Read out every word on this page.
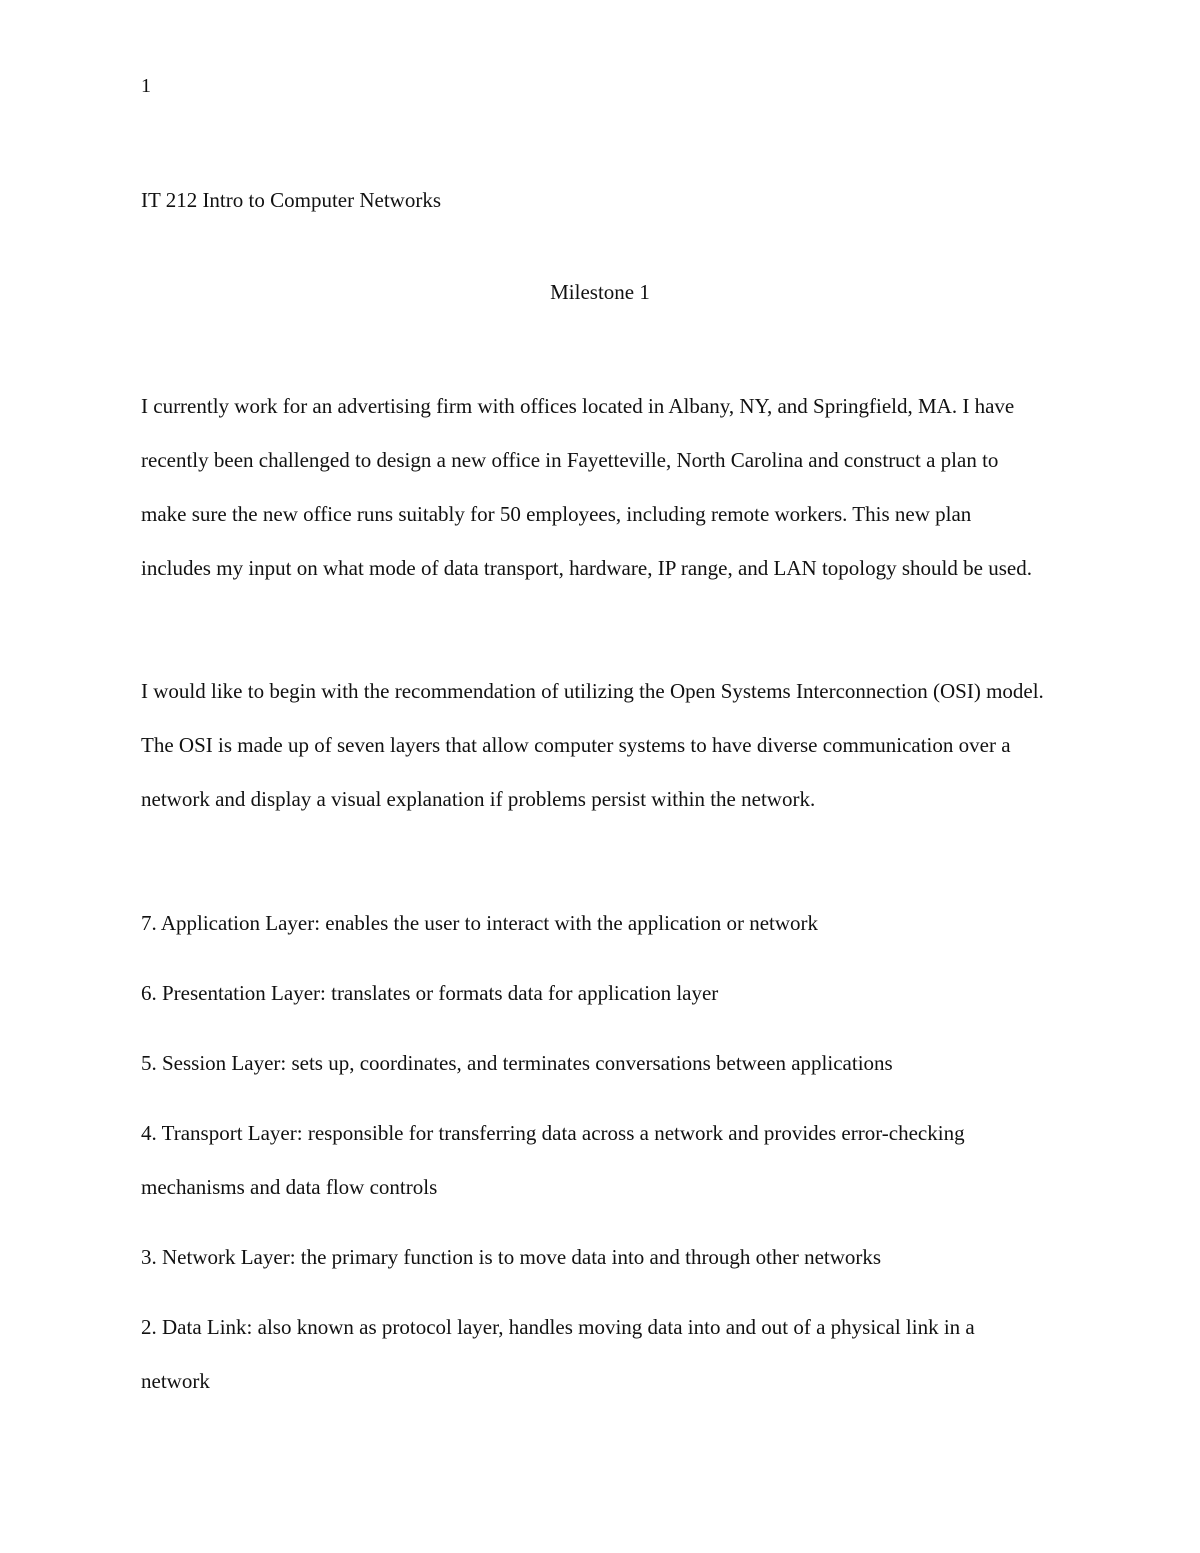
1
IT 212 Intro to Computer Networks
Milestone 1

I currently work for an advertising firm with offices located in Albany, NY, and Springfield, MA. I have recently been challenged to design a new office in Fayetteville, North Carolina and construct a plan to make sure the new office runs suitably for 50 employees, including remote workers. This new plan includes my input on what mode of data transport, hardware, IP range, and LAN topology should be used.

I would like to begin with the recommendation of utilizing the Open Systems Interconnection (OSI) model. The OSI is made up of seven layers that allow computer systems to have diverse communication over a network and display a visual explanation if problems persist within the network.

7. Application Layer: enables the user to interact with the application or network

6. Presentation Layer: translates or formats data for application layer

5. Session Layer: sets up, coordinates, and terminates conversations between applications

4. Transport Layer: responsible for transferring data across a network and provides error-checking mechanisms and data flow controls

3. Network Layer: the primary function is to move data into and through other networks

2. Data Link: also known as protocol layer, handles moving data into and out of a physical link in a network
